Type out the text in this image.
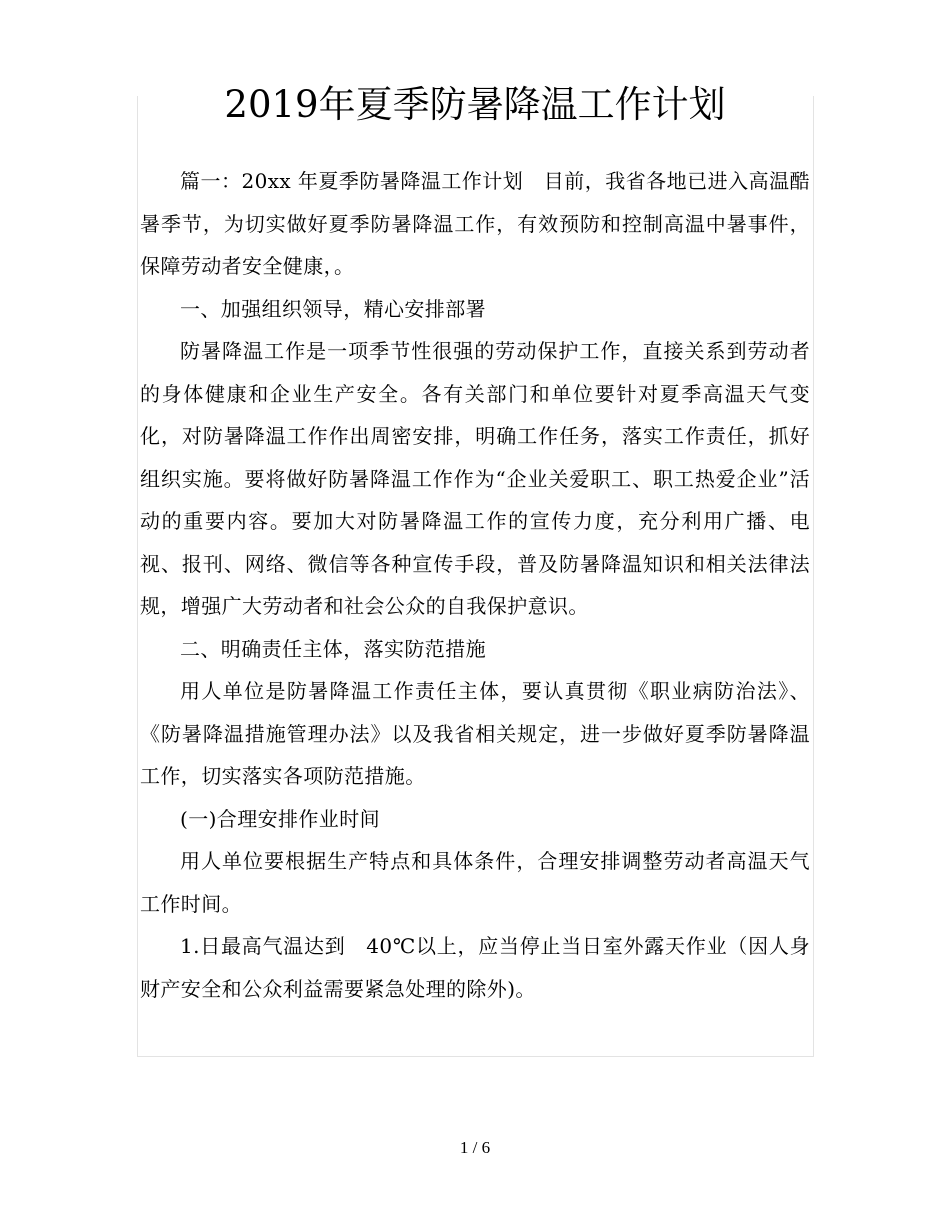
2019年夏季防暑降温工作计划

篇一：20xx 年夏季防暑降温工作计划　目前，我省各地已进入高温酷暑季节，为切实做好夏季防暑降温工作，有效预防和控制高温中暑事件，保障劳动者安全健康，。

一、加强组织领导，精心安排部署

防暑降温工作是一项季节性很强的劳动保护工作，直接关系到劳动者的身体健康和企业生产安全。各有关部门和单位要针对夏季高温天气变化，对防暑降温工作作出周密安排，明确工作任务，落实工作责任，抓好组织实施。要将做好防暑降温工作作为“企业关爱职工、职工热爱企业”活动的重要内容。要加大对防暑降温工作的宣传力度，充分利用广播、电视、报刊、网络、微信等各种宣传手段，普及防暑降温知识和相关法律法规，增强广大劳动者和社会公众的自我保护意识。

二、明确责任主体，落实防范措施

用人单位是防暑降温工作责任主体，要认真贯彻《职业病防治法》、《防暑降温措施管理办法》以及我省相关规定，进一步做好夏季防暑降温工作，切实落实各项防范措施。

(一)合理安排作业时间

用人单位要根据生产特点和具体条件，合理安排调整劳动者高温天气工作时间。

1.日最高气温达到　40℃以上，应当停止当日室外露天作业（因人身财产安全和公众利益需要紧急处理的除外)。

1 / 6
